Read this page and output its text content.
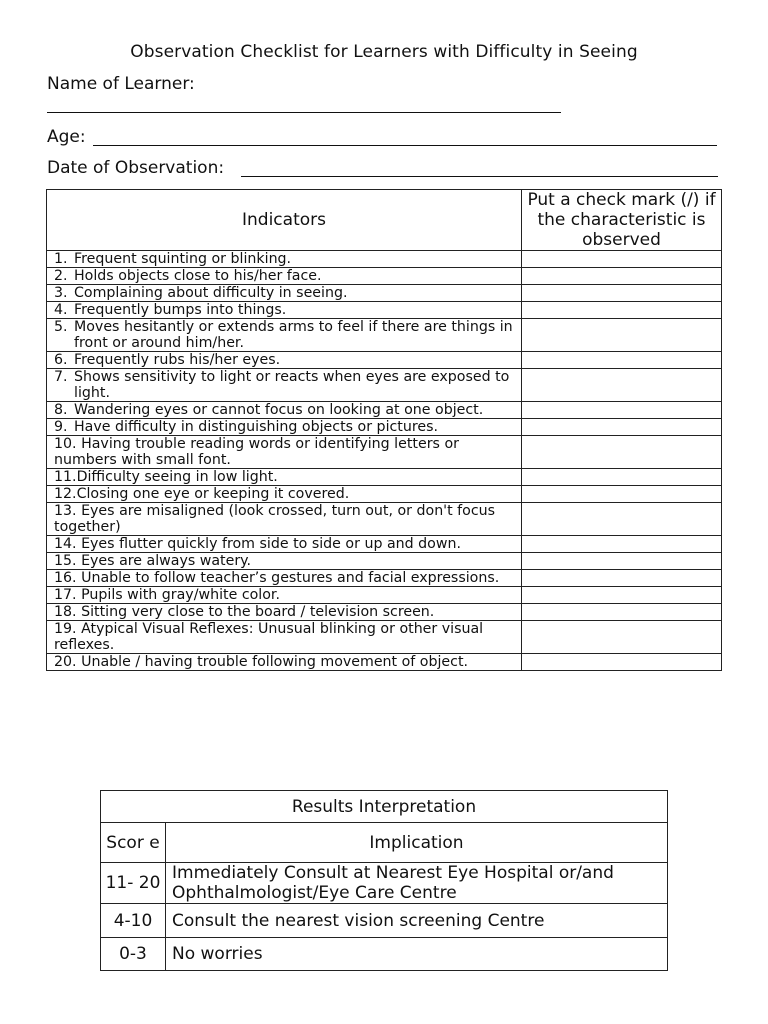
Observation Checklist for Learners with Difficulty in Seeing
Name of Learner:
Age:
Date of Observation:
Indicators	Put a check mark (/) if the characteristic is observed

1. Frequent squinting or blinking.	

2. Holds objects close to his/her face.	

3. Complaining about difficulty in seeing.	

4. Frequently bumps into things.	

5. Moves hesitantly or extends arms to feel if there are things in front or around him/her.	

6. Frequently rubs his/her eyes.	

7. Shows sensitivity to light or reacts when eyes are exposed to light.	

8. Wandering eyes or cannot focus on looking at one object.	

9. Have difficulty in distinguishing objects or pictures.	

10. Having trouble reading words or identifying letters or numbers with small font.	
11.Difficulty seeing in low light.	
12.Closing one eye or keeping it covered.	
13. Eyes are misaligned (look crossed, turn out, or don't focus together)	
14. Eyes flutter quickly from side to side or up and down.	
15. Eyes are always watery.	
16. Unable to follow teacher’s gestures and facial expressions.	
17. Pupils with gray/white color.	
18. Sitting very close to the board / television screen.	
19. Atypical Visual Reflexes: Unusual blinking or other visual reflexes.	
20. Unable / having trouble following movement of object.	
Results Interpretation	
Scor e	Implication
11- 20	Immediately Consult at Nearest Eye Hospital or/and Ophthalmologist/Eye Care Centre
4-10	Consult the nearest vision screening Centre
0-3	No worries
